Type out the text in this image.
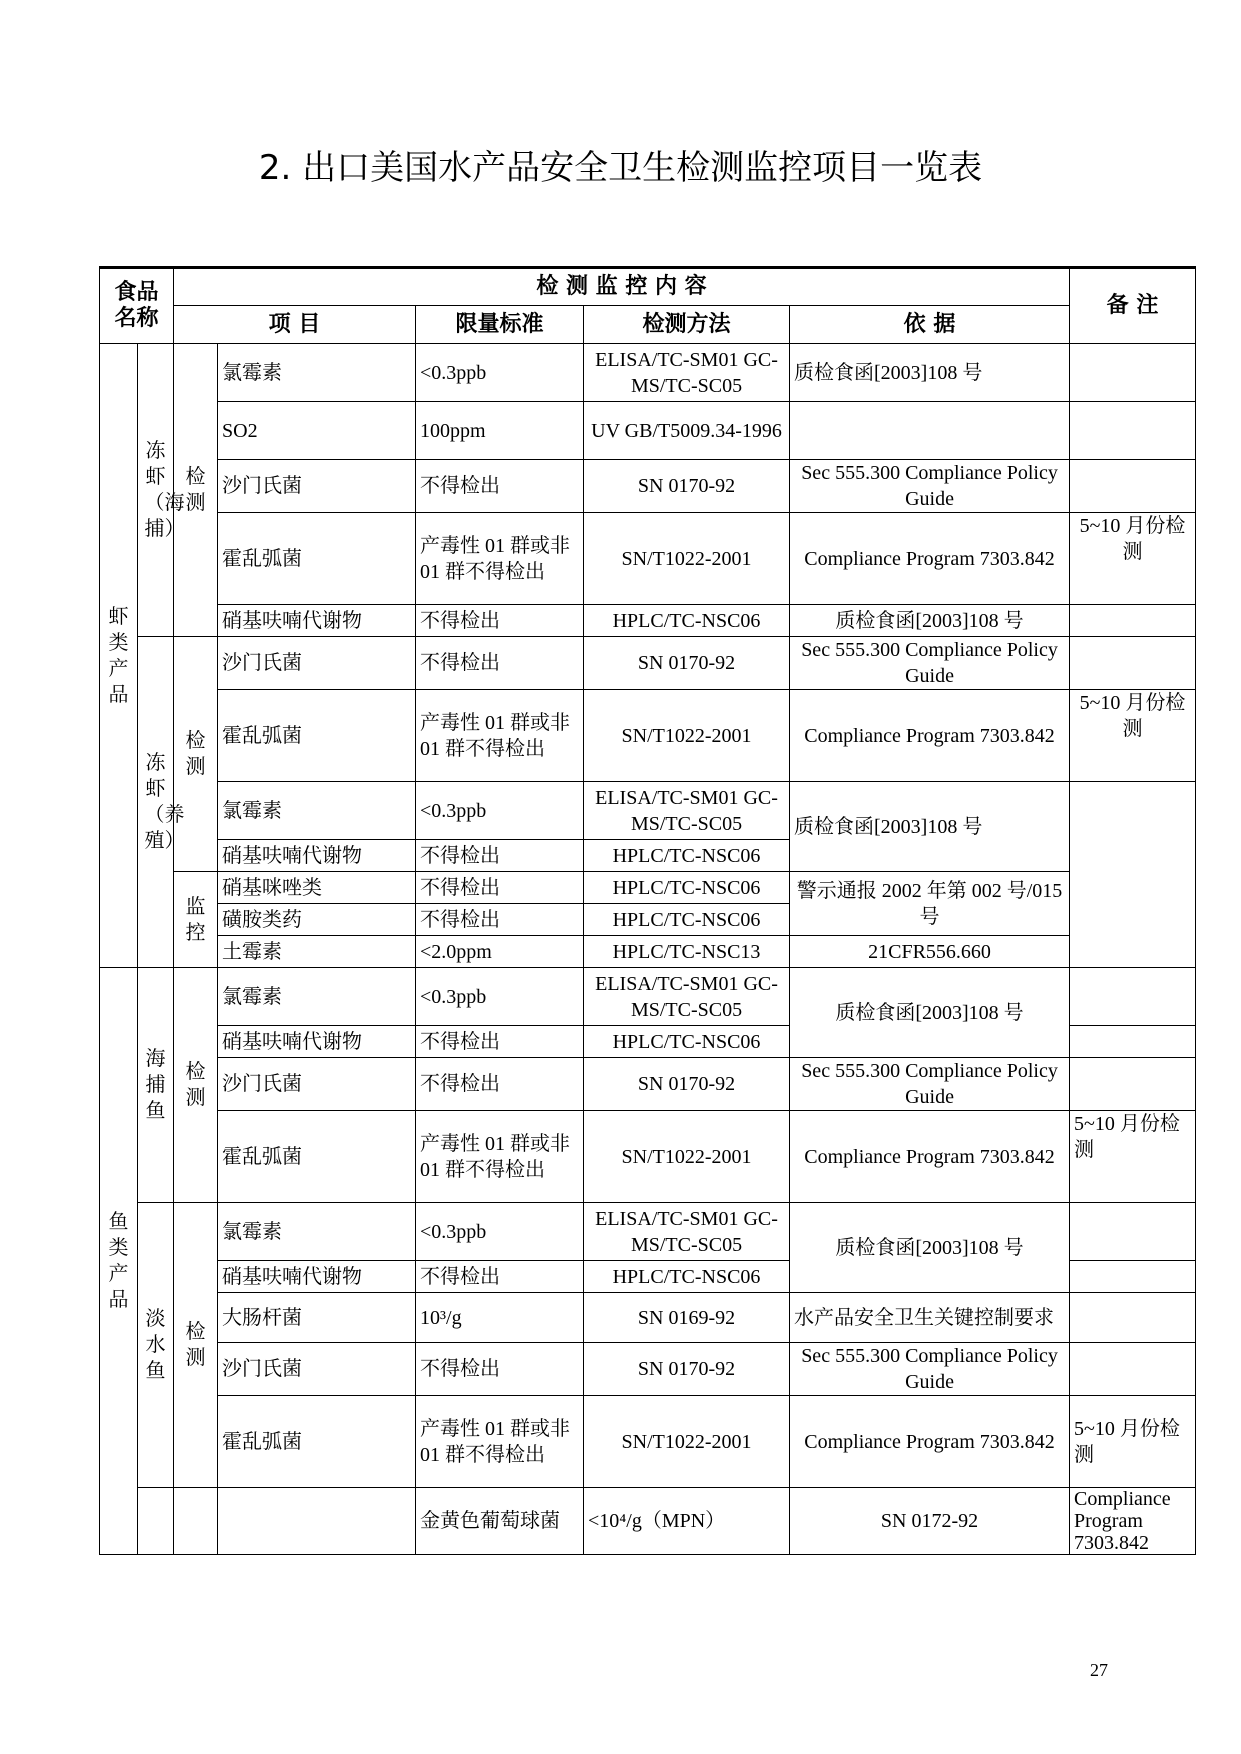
2. 出口美国水产品安全卫生检测监控项目一览表
食品名称		检 测 监 控 内 容					备 注	
		项 目		限量标准	检测方法	依 据		
虾类产品	冻虾（海捕）	检测	氯霉素	<0.3ppb	ELISA/TC-SM01 GC-MS/TC-SC05	质检食函[2003]108 号		
			SO2	100ppm	UV GB/T5009.34-1996			
			沙门氏菌	不得检出	SN 0170-92	Sec 555.300 Compliance Policy Guide		
			霍乱弧菌	产毒性 01 群或非 01 群不得检出	SN/T1022-2001	Compliance Program 7303.842	5~10 月份检测	
			硝基呋喃代谢物	不得检出	HPLC/TC-NSC06	质检食函[2003]108 号		
	冻虾（养殖）	检测	沙门氏菌	不得检出	SN 0170-92	Sec 555.300 Compliance Policy Guide		
			霍乱弧菌	产毒性 01 群或非 01 群不得检出	SN/T1022-2001	Compliance Program 7303.842	5~10 月份检测	
			氯霉素	<0.3ppb	ELISA/TC-SM01 GC-MS/TC-SC05	质检食函[2003]108 号		
			硝基呋喃代谢物	不得检出	HPLC/TC-NSC06			
		监控	硝基咪唑类	不得检出	HPLC/TC-NSC06	警示通报 2002 年第 002 号/015 号		
			磺胺类药	不得检出	HPLC/TC-NSC06			
			土霉素	<2.0ppm	HPLC/TC-NSC13	21CFR556.660		
鱼类产品	海捕鱼	检测	氯霉素	<0.3ppb	ELISA/TC-SM01 GC-MS/TC-SC05	质检食函[2003]108 号		
			硝基呋喃代谢物	不得检出	HPLC/TC-NSC06			
			沙门氏菌	不得检出	SN 0170-92	Sec 555.300 Compliance Policy Guide		
			霍乱弧菌	产毒性 01 群或非 01 群不得检出	SN/T1022-2001	Compliance Program 7303.842	5~10 月份检测	
	淡水鱼	检测	氯霉素	<0.3ppb	ELISA/TC-SM01 GC-MS/TC-SC05	质检食函[2003]108 号		
			硝基呋喃代谢物	不得检出	HPLC/TC-NSC06			
			大肠杆菌	10³/g	SN 0169-92	水产品安全卫生关键控制要求		
			沙门氏菌	不得检出	SN 0170-92	Sec 555.300 Compliance Policy Guide		
			霍乱弧菌	产毒性 01 群或非 01 群不得检出	SN/T1022-2001	Compliance Program 7303.842	5~10 月份检测	
				金黄色葡萄球菌	<10⁴/g（MPN）	SN 0172-92	Compliance Program 7303.842	
27
